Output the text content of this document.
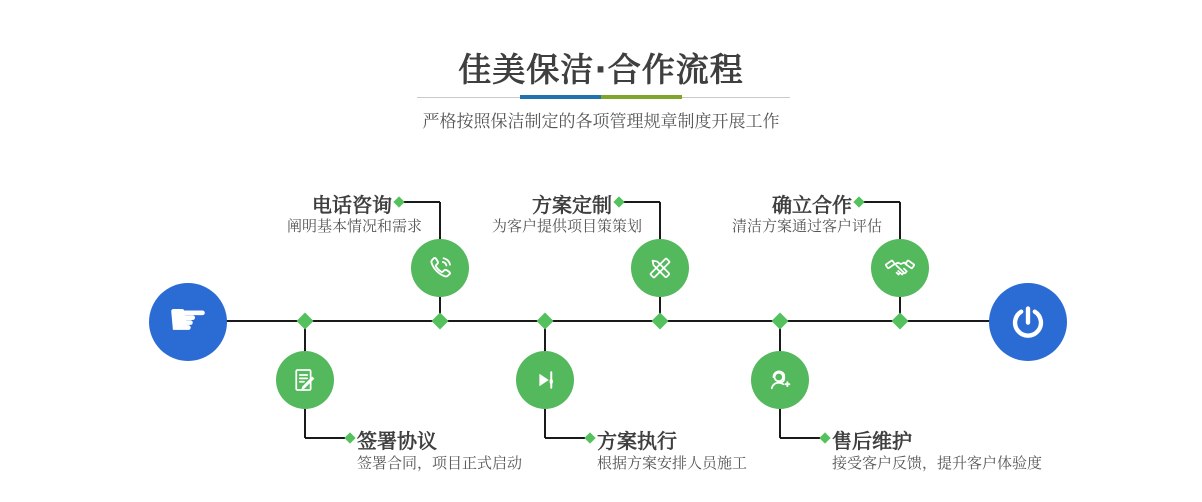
佳美保洁·合作流程

严格按照保洁制定的各项管理规章制度开展工作

电话咨询
阐明基本情况和需求
方案定制
为客户提供项目策策划
确立合作
清洁方案通过客户评估
签署协议
签署合同，项目正式启动
方案执行
根据方案安排人员施工
售后维护
接受客户反馈，提升客户体验度
☛
